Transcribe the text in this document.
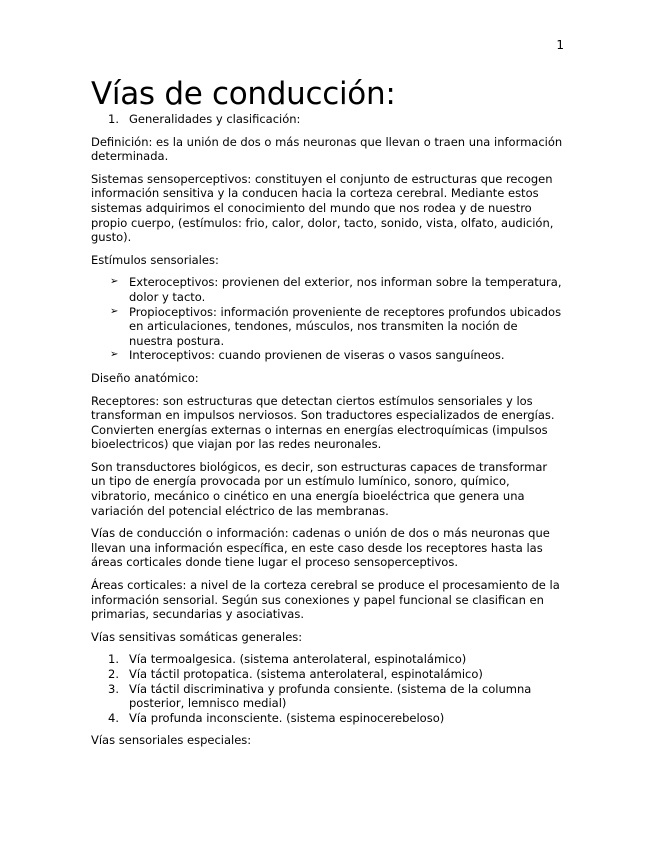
1
Vías de conducción:
1. Generalidades y clasificación:

Definición: es la unión de dos o más neuronas que llevan o traen una información determinada.

Sistemas sensoperceptivos: constituyen el conjunto de estructuras que recogen información sensitiva y la conducen hacia la corteza cerebral. Mediante estos sistemas adquirimos el conocimiento del mundo que nos rodea y de nuestro propio cuerpo, (estímulos: frio, calor, dolor, tacto, sonido, vista, olfato, audición, gusto).

Estímulos sensoriales:

➢ Exteroceptivos: provienen del exterior, nos informan sobre la temperatura, dolor y tacto.
➢ Propioceptivos: información proveniente de receptores profundos ubicados en articulaciones, tendones, músculos, nos transmiten la noción de nuestra postura.
➢ Interoceptivos: cuando provienen de viseras o vasos sanguíneos.

Diseño anatómico:

Receptores: son estructuras que detectan ciertos estímulos sensoriales y los transforman en impulsos nerviosos. Son traductores especializados de energías. Convierten energías externas o internas en energías electroquímicas (impulsos bioelectricos) que viajan por las redes neuronales.

Son transductores biológicos, es decir, son estructuras capaces de transformar un tipo de energía provocada por un estímulo lumínico, sonoro, químico, vibratorio, mecánico o cinético en una energía bioeléctrica que genera una variación del potencial eléctrico de las membranas.

Vías de conducción o información: cadenas o unión de dos o más neuronas que llevan una información específica, en este caso desde los receptores hasta las áreas corticales donde tiene lugar el proceso sensoperceptivos.

Áreas corticales: a nivel de la corteza cerebral se produce el procesamiento de la información sensorial. Según sus conexiones y papel funcional se clasifican en primarias, secundarias y asociativas.

Vías sensitivas somáticas generales:

1. Vía termoalgesica. (sistema anterolateral, espinotalámico)
2. Vía táctil protopatica. (sistema anterolateral, espinotalámico)
3. Vía táctil discriminativa y profunda consiente. (sistema de la columna posterior, lemnisco medial)
4. Vía profunda inconsciente. (sistema espinocerebeloso)

Vías sensoriales especiales:
